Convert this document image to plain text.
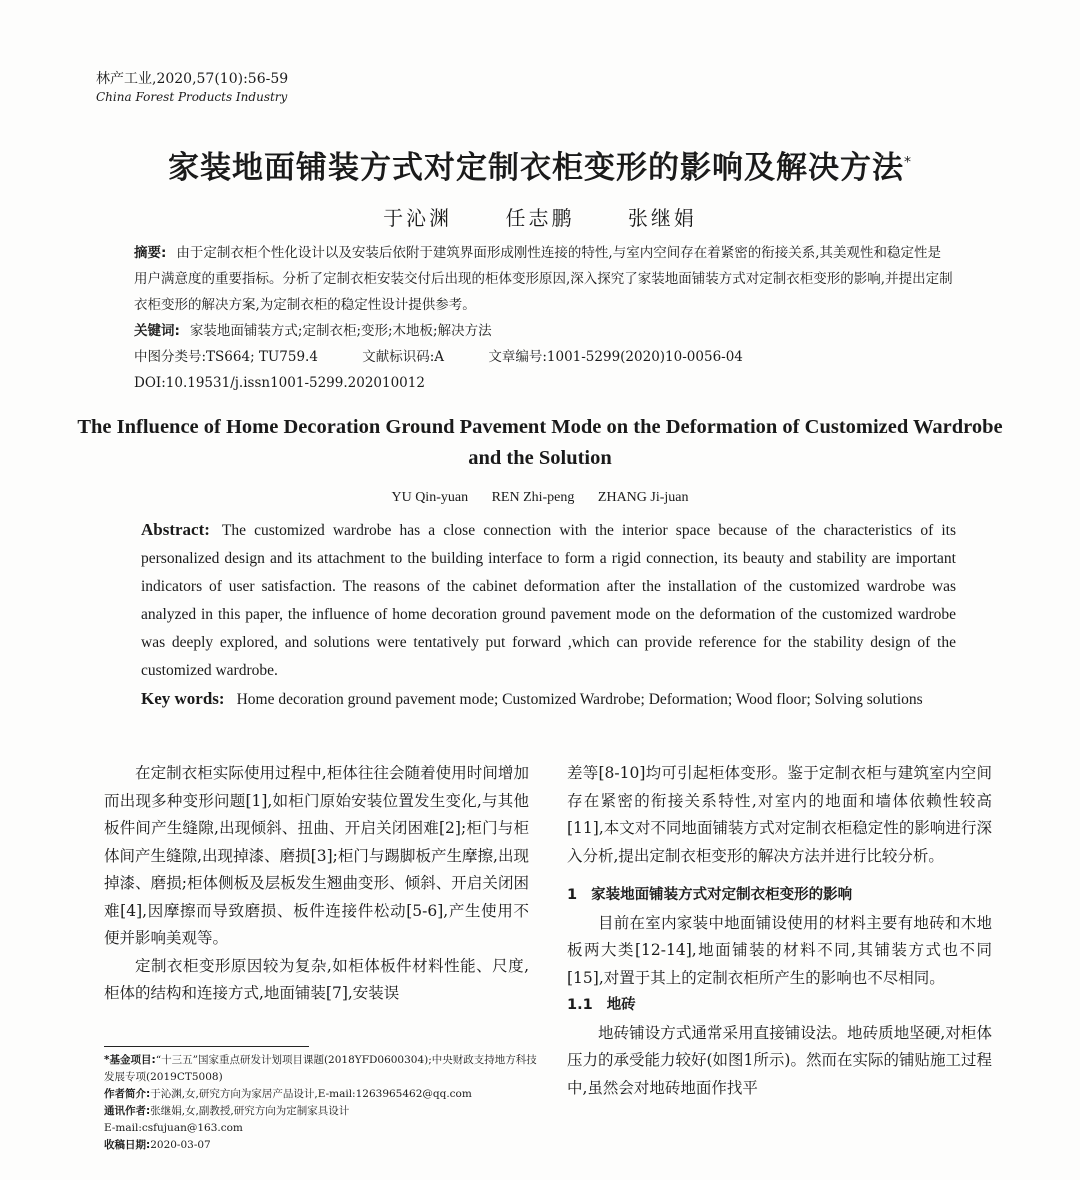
林产工业,2020,57(10):56-59
China Forest Products Industry
家装地面铺装方式对定制衣柜变形的影响及解决方法*
于沁渊	任志鹏	张继娟

摘要: 由于定制衣柜个性化设计以及安装后依附于建筑界面形成刚性连接的特性,与室内空间存在着紧密的衔接关系,其美观性和稳定性是用户满意度的重要指标。分析了定制衣柜安装交付后出现的柜体变形原因,深入探究了家装地面铺装方式对定制衣柜变形的影响,并提出定制衣柜变形的解决方案,为定制衣柜的稳定性设计提供参考。

关键词: 家装地面铺装方式;定制衣柜;变形;木地板;解决方法

中图分类号:TS664; TU759.4	文献标识码:A	文章编号:1001-5299(2020)10-0056-04

DOI:10.19531/j.issn1001-5299.202010012

The Influence of Home Decoration Ground Pavement Mode on the Deformation of Customized Wardrobe and the Solution
YU Qin-yuan REN Zhi-peng ZHANG Ji-juan

Abstract: The customized wardrobe has a close connection with the interior space because of the characteristics of its personalized design and its attachment to the building interface to form a rigid connection, its beauty and stability are important indicators of user satisfaction. The reasons of the cabinet deformation after the installation of the customized wardrobe was analyzed in this paper, the influence of home decoration ground pavement mode on the deformation of the customized wardrobe was deeply explored, and solutions were tentatively put forward ,which can provide reference for the stability design of the customized wardrobe.

Key words: Home decoration ground pavement mode; Customized Wardrobe; Deformation; Wood floor; Solving solutions

在定制衣柜实际使用过程中,柜体往往会随着使用时间增加而出现多种变形问题[1],如柜门原始安装位置发生变化,与其他板件间产生缝隙,出现倾斜、扭曲、开启关闭困难[2];柜门与柜体间产生缝隙,出现掉漆、磨损[3];柜门与踢脚板产生摩擦,出现掉漆、磨损;柜体侧板及层板发生翘曲变形、倾斜、开启关闭困难[4],因摩擦而导致磨损、板件连接件松动[5-6],产生使用不便并影响美观等。

定制衣柜变形原因较为复杂,如柜体板件材料性能、尺度,柜体的结构和连接方式,地面铺装[7],安装误

差等[8-10]均可引起柜体变形。鉴于定制衣柜与建筑室内空间存在紧密的衔接关系特性,对室内的地面和墙体依赖性较高[11],本文对不同地面铺装方式对定制衣柜稳定性的影响进行深入分析,提出定制衣柜变形的解决方法并进行比较分析。

1 家装地面铺装方式对定制衣柜变形的影响

目前在室内家装中地面铺设使用的材料主要有地砖和木地板两大类[12-14],地面铺装的材料不同,其铺装方式也不同[15],对置于其上的定制衣柜所产生的影响也不尽相同。

1.1 地砖

地砖铺设方式通常采用直接铺设法。地砖质地坚硬,对柜体压力的承受能力较好(如图1所示)。然而在实际的铺贴施工过程中,虽然会对地砖地面作找平

*基金项目:“十三五”国家重点研发计划项目课题(2018YFD0600304);中央财政支持地方科技发展专项(2019CT5008)

作者简介:于沁渊,女,研究方向为家居产品设计,E-mail:1263965462@qq.com

通讯作者:张继娟,女,副教授,研究方向为定制家具设计

E-mail:csfujuan@163.com

收稿日期:2020-03-07
